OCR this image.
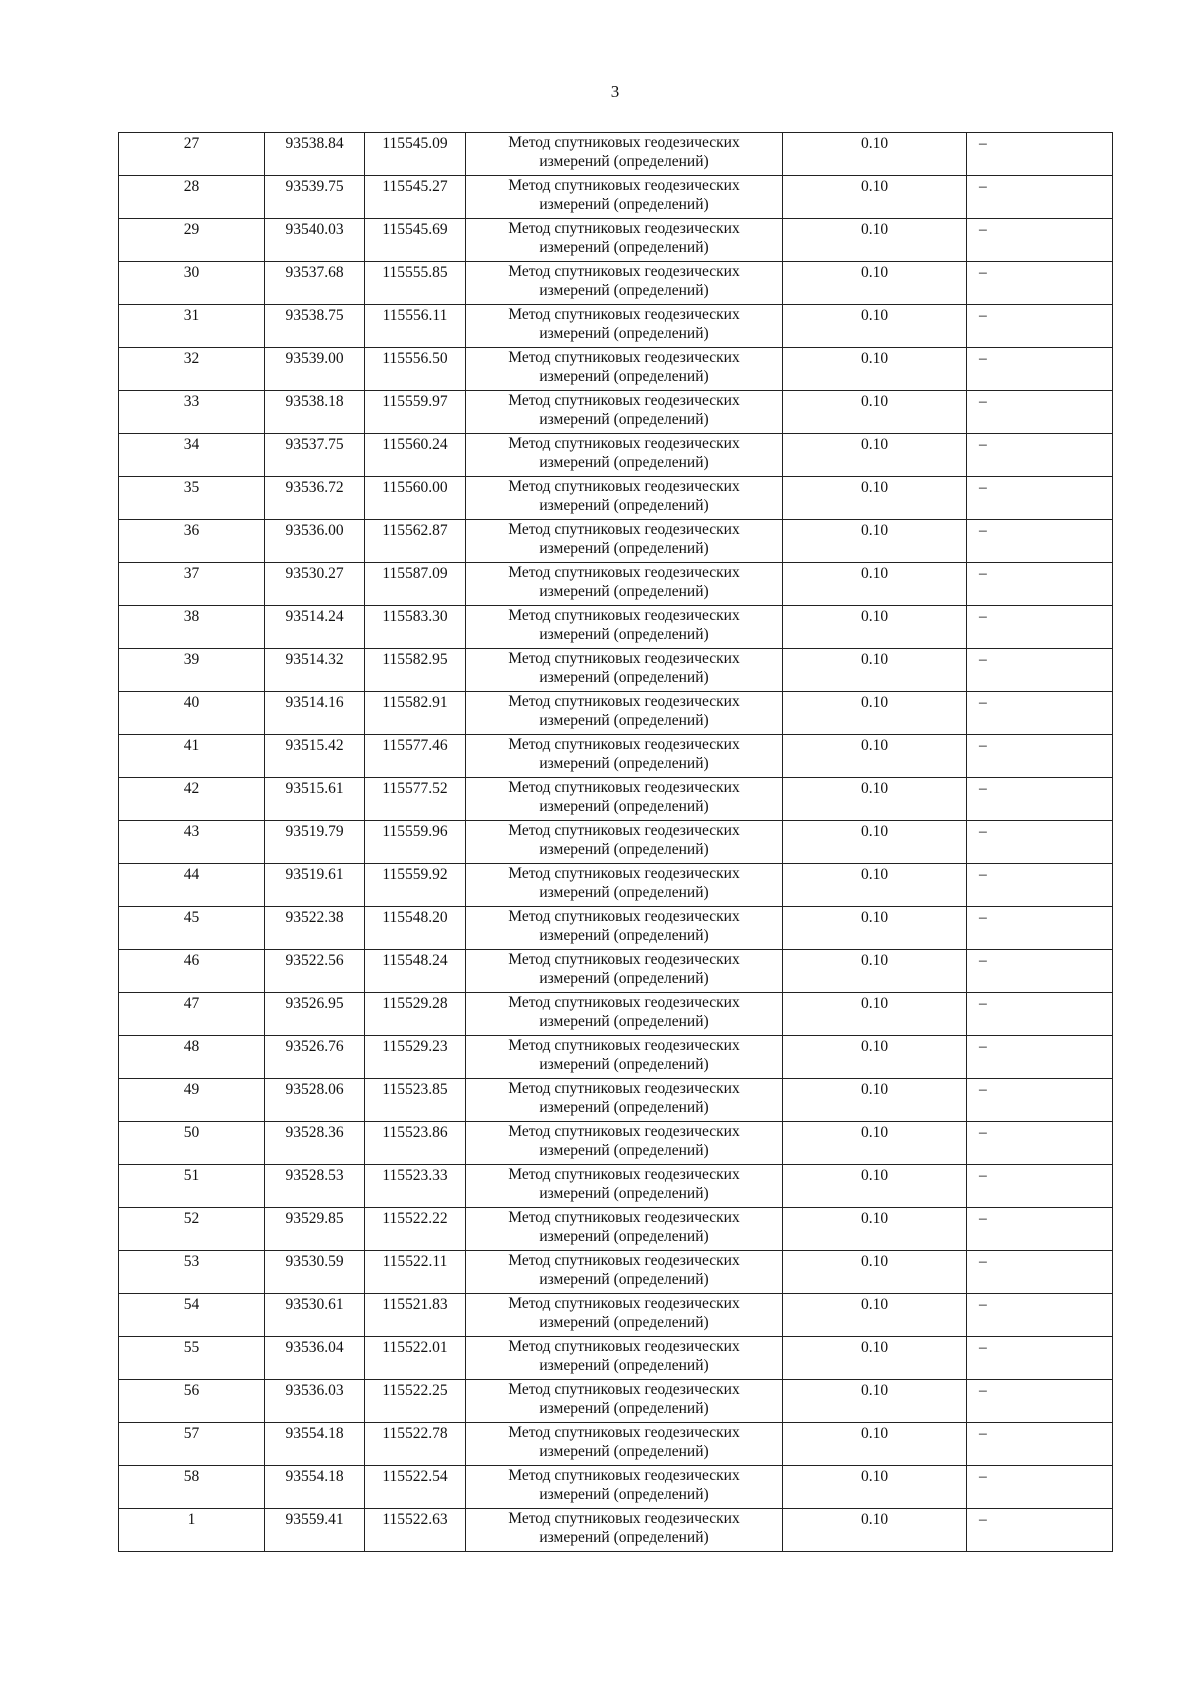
3
27	93538.84	115545.09	Метод спутниковых геодезических
измерений (определений)	0.10	–

28	93539.75	115545.27	Метод спутниковых геодезических
измерений (определений)	0.10	–

29	93540.03	115545.69	Метод спутниковых геодезических
измерений (определений)	0.10	–

30	93537.68	115555.85	Метод спутниковых геодезических
измерений (определений)	0.10	–

31	93538.75	115556.11	Метод спутниковых геодезических
измерений (определений)	0.10	–

32	93539.00	115556.50	Метод спутниковых геодезических
измерений (определений)	0.10	–

33	93538.18	115559.97	Метод спутниковых геодезических
измерений (определений)	0.10	–

34	93537.75	115560.24	Метод спутниковых геодезических
измерений (определений)	0.10	–

35	93536.72	115560.00	Метод спутниковых геодезических
измерений (определений)	0.10	–

36	93536.00	115562.87	Метод спутниковых геодезических
измерений (определений)	0.10	–

37	93530.27	115587.09	Метод спутниковых геодезических
измерений (определений)	0.10	–

38	93514.24	115583.30	Метод спутниковых геодезических
измерений (определений)	0.10	–

39	93514.32	115582.95	Метод спутниковых геодезических
измерений (определений)	0.10	–

40	93514.16	115582.91	Метод спутниковых геодезических
измерений (определений)	0.10	–

41	93515.42	115577.46	Метод спутниковых геодезических
измерений (определений)	0.10	–

42	93515.61	115577.52	Метод спутниковых геодезических
измерений (определений)	0.10	–

43	93519.79	115559.96	Метод спутниковых геодезических
измерений (определений)	0.10	–

44	93519.61	115559.92	Метод спутниковых геодезических
измерений (определений)	0.10	–

45	93522.38	115548.20	Метод спутниковых геодезических
измерений (определений)	0.10	–

46	93522.56	115548.24	Метод спутниковых геодезических
измерений (определений)	0.10	–

47	93526.95	115529.28	Метод спутниковых геодезических
измерений (определений)	0.10	–

48	93526.76	115529.23	Метод спутниковых геодезических
измерений (определений)	0.10	–

49	93528.06	115523.85	Метод спутниковых геодезических
измерений (определений)	0.10	–

50	93528.36	115523.86	Метод спутниковых геодезических
измерений (определений)	0.10	–

51	93528.53	115523.33	Метод спутниковых геодезических
измерений (определений)	0.10	–

52	93529.85	115522.22	Метод спутниковых геодезических
измерений (определений)	0.10	–

53	93530.59	115522.11	Метод спутниковых геодезических
измерений (определений)	0.10	–

54	93530.61	115521.83	Метод спутниковых геодезических
измерений (определений)	0.10	–

55	93536.04	115522.01	Метод спутниковых геодезических
измерений (определений)	0.10	–

56	93536.03	115522.25	Метод спутниковых геодезических
измерений (определений)	0.10	–

57	93554.18	115522.78	Метод спутниковых геодезических
измерений (определений)	0.10	–

58	93554.18	115522.54	Метод спутниковых геодезических
измерений (определений)	0.10	–

1	93559.41	115522.63	Метод спутниковых геодезических
измерений (определений)	0.10	–
